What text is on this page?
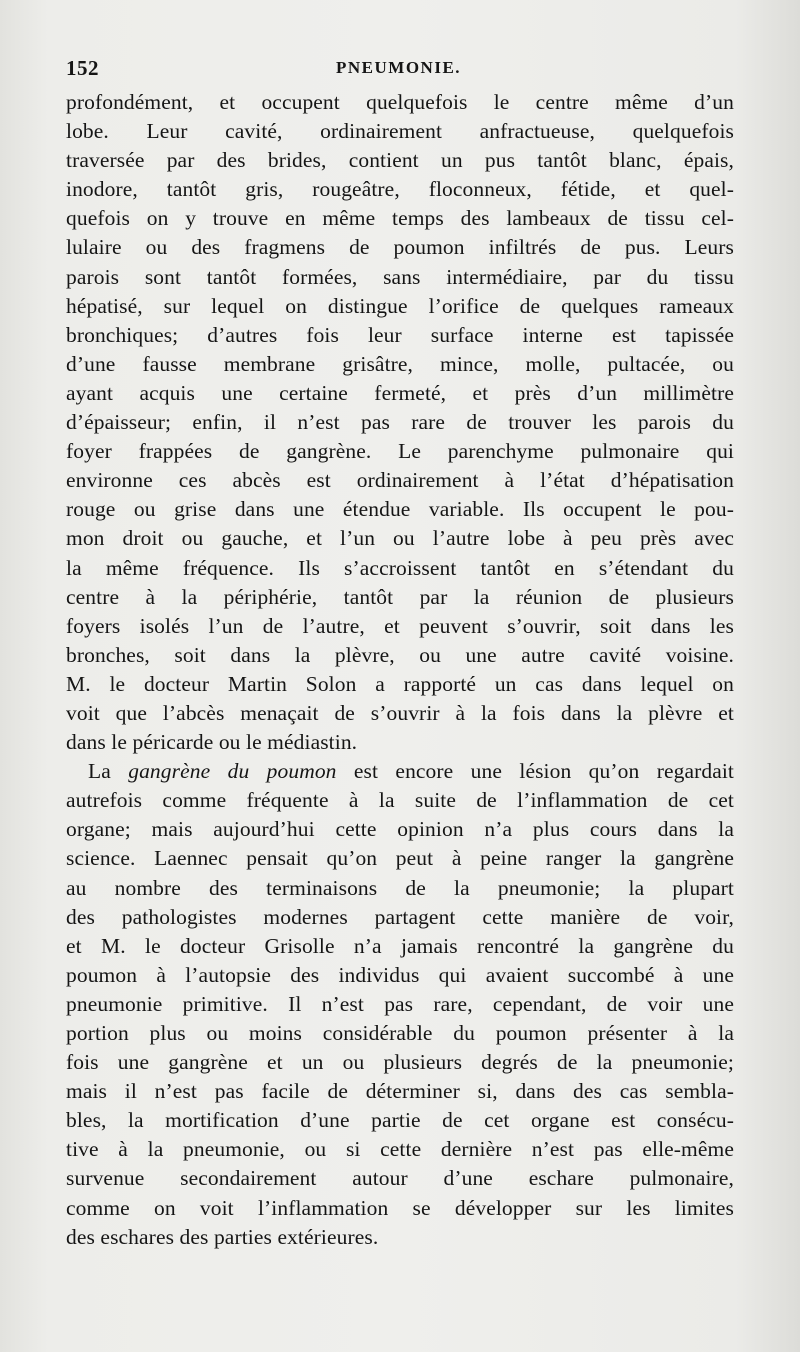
152	PNEUMONIE.
profondément, et occupent quelquefois le centre même d’un
lobe. Leur cavité, ordinairement anfractueuse, quelquefois
traversée par des brides, contient un pus tantôt blanc, épais,
inodore, tantôt gris, rougeâtre, floconneux, fétide, et quel-
quefois on y trouve en même temps des lambeaux de tissu cel-
lulaire ou des fragmens de poumon infiltrés de pus. Leurs
parois sont tantôt formées, sans intermédiaire, par du tissu
hépatisé, sur lequel on distingue l’orifice de quelques rameaux
bronchiques; d’autres fois leur surface interne est tapissée
d’une fausse membrane grisâtre, mince, molle, pultacée, ou
ayant acquis une certaine fermeté, et près d’un millimètre
d’épaisseur; enfin, il n’est pas rare de trouver les parois du
foyer frappées de gangrène. Le parenchyme pulmonaire qui
environne ces abcès est ordinairement à l’état d’hépatisation
rouge ou grise dans une étendue variable. Ils occupent le pou-
mon droit ou gauche, et l’un ou l’autre lobe à peu près avec
la même fréquence. Ils s’accroissent tantôt en s’étendant du
centre à la périphérie, tantôt par la réunion de plusieurs
foyers isolés l’un de l’autre, et peuvent s’ouvrir, soit dans les
bronches, soit dans la plèvre, ou une autre cavité voisine.
M. le docteur Martin Solon a rapporté un cas dans lequel on
voit que l’abcès menaçait de s’ouvrir à la fois dans la plèvre et
dans le péricarde ou le médiastin.
La gangrène du poumon est encore une lésion qu’on regardait
autrefois comme fréquente à la suite de l’inflammation de cet
organe; mais aujourd’hui cette opinion n’a plus cours dans la
science. Laennec pensait qu’on peut à peine ranger la gangrène
au nombre des terminaisons de la pneumonie; la plupart
des pathologistes modernes partagent cette manière de voir,
et M. le docteur Grisolle n’a jamais rencontré la gangrène du
poumon à l’autopsie des individus qui avaient succombé à une
pneumonie primitive. Il n’est pas rare, cependant, de voir une
portion plus ou moins considérable du poumon présenter à la
fois une gangrène et un ou plusieurs degrés de la pneumonie;
mais il n’est pas facile de déterminer si, dans des cas sembla-
bles, la mortification d’une partie de cet organe est consécu-
tive à la pneumonie, ou si cette dernière n’est pas elle-même
survenue secondairement autour d’une eschare pulmonaire,
comme on voit l’inflammation se développer sur les limites
des eschares des parties extérieures.
